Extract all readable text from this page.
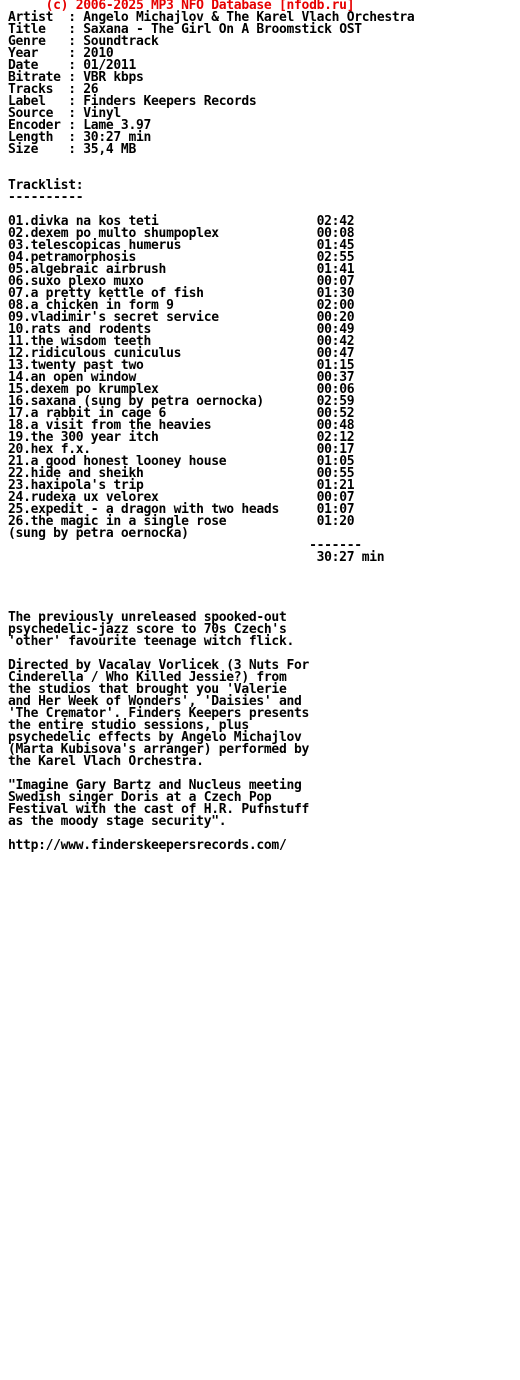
(c) 2006-2025 MP3 NFO Database [nfodb.ru]
Artist  : Angelo Michajlov & The Karel Vlach Orchestra
Title   : Saxana - The Girl On A Broomstick OST
Genre   : Soundtrack
Year    : 2010
Date    : 01/2011
Bitrate : VBR kbps
Tracks  : 26
Label   : Finders Keepers Records
Source  : Vinyl
Encoder : Lame 3.97
Length  : 30:27 min
Size    : 35,4 MB

Tracklist:
----------

01.divka na kos teti	02:42
02.dexem po multo shumpoplex	00:08
03.telescopicas humerus	01:45
04.petramorphosis	02:55
05.algebraic airbrush	01:41
06.suxo plexo muxo	00:07
07.a pretty kettle of fish	01:30
08.a chicken in form 9	02:00
09.vladimir's secret service	00:20
10.rats and rodents	00:49
11.the wisdom teeth	00:42
12.ridiculous cuniculus	00:47
13.twenty past two	01:15
14.an open window	00:37
15.dexem po krumplex	00:06
16.saxana (sung by petra oernocka)	02:59
17.a rabbit in cage 6	00:52
18.a visit from the heavies	00:48
19.the 300 year itch	02:12
20.hex f.x.	00:17
21.a good honest looney house	01:05
22.hide and sheikh	00:55
23.haxipola's trip	01:21
24.rudexa ux velorex	00:07
25.expedit - a dragon with two heads	01:07
26.the magic in a single rose	01:20
(sung by petra oernocka)
-------
30:27 min

The previously unreleased spooked-out
psychedelic-jazz score to 70s Czech's
'other' favourite teenage witch flick.

Directed by Vacalav Vorlicek (3 Nuts For
Cinderella / Who Killed Jessie?) from
the studios that brought you 'Valerie
and Her Week of Wonders', 'Daisies' and
'The Cremator'. Finders Keepers presents
the entire studio sessions, plus
psychedelic effects by Angelo Michajlov
(Marta Kubisova's arranger) performed by
the Karel Vlach Orchestra.

"Imagine Gary Bartz and Nucleus meeting
Swedish singer Doris at a Czech Pop
Festival with the cast of H.R. Pufnstuff
as the moody stage security".

http://www.finderskeepersrecords.com/
